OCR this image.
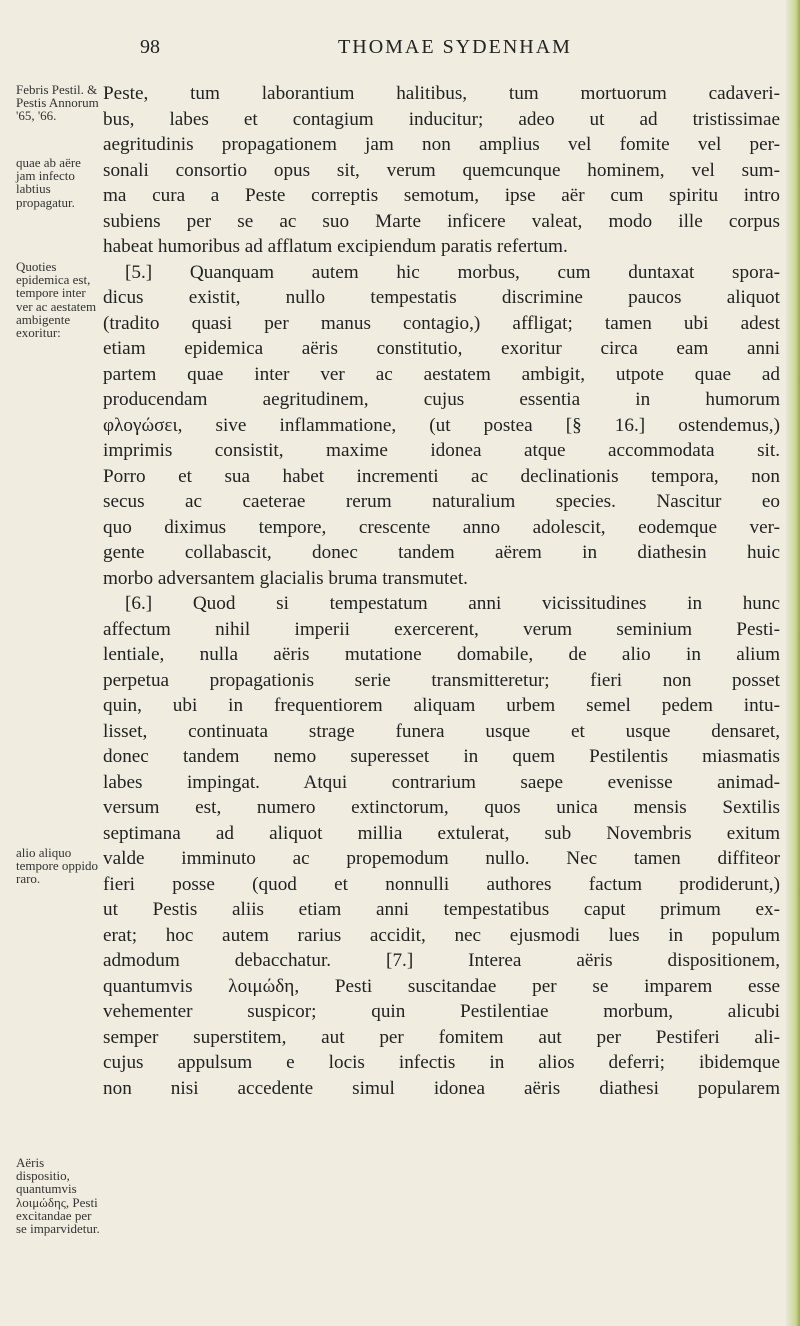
98	THOMAE SYDENHAM
Febris Pestil. & Pestis Annorum '65, '66.
quae ab aëre jam infecto labtius propagatur.
Quoties epidemica est, tempore inter ver ac aestatem ambigente exoritur:
alio aliquo tempore oppido raro.
Aëris dispositio, quantumvis λοιμώδης, Pesti excitandae per se imparvidetur.
Peste, tum laborantium halitibus, tum mortuorum cadaveri-
bus, labes et contagium inducitur; adeo ut ad tristissimae
aegritudinis propagationem jam non amplius vel fomite vel per-
sonali consortio opus sit, verum quemcunque hominem, vel sum-
ma cura a Peste correptis semotum, ipse aër cum spiritu intro
subiens per se ac suo Marte inficere valeat, modo ille corpus
habeat humoribus ad afflatum excipiendum paratis refertum.
[5.] Quanquam autem hic morbus, cum duntaxat spora-
dicus existit, nullo tempestatis discrimine paucos aliquot
(tradito quasi per manus contagio,) affligat; tamen ubi adest
etiam epidemica aëris constitutio, exoritur circa eam anni
partem quae inter ver ac aestatem ambigit, utpote quae ad
producendam aegritudinem, cujus essentia in humorum
φλογώσει, sive inflammatione, (ut postea [§ 16.] ostendemus,)
imprimis consistit, maxime idonea atque accommodata sit.
Porro et sua habet incrementi ac declinationis tempora, non
secus ac caeterae rerum naturalium species. Nascitur eo
quo diximus tempore, crescente anno adolescit, eodemque ver-
gente collabascit, donec tandem aërem in diathesin huic
morbo adversantem glacialis bruma transmutet.
[6.] Quod si tempestatum anni vicissitudines in hunc
affectum nihil imperii exercerent, verum seminium Pesti-
lentiale, nulla aëris mutatione domabile, de alio in alium
perpetua propagationis serie transmitteretur; fieri non posset
quin, ubi in frequentiorem aliquam urbem semel pedem intu-
lisset, continuata strage funera usque et usque densaret,
donec tandem nemo superesset in quem Pestilentis miasmatis
labes impingat. Atqui contrarium saepe evenisse animad-
versum est, numero extinctorum, quos unica mensis Sextilis
septimana ad aliquot millia extulerat, sub Novembris exitum
valde imminuto ac propemodum nullo. Nec tamen diffiteor
fieri posse (quod et nonnulli authores factum prodiderunt,)
ut Pestis aliis etiam anni tempestatibus caput primum ex-
erat; hoc autem rarius accidit, nec ejusmodi lues in populum
admodum debacchatur. [7.] Interea aëris dispositionem,
quantumvis λοιμώδη, Pesti suscitandae per se imparem esse
vehementer suspicor; quin Pestilentiae morbum, alicubi
semper superstitem, aut per fomitem aut per Pestiferi ali-
cujus appulsum e locis infectis in alios deferri; ibidemque
non nisi accedente simul idonea aëris diathesi popularem
